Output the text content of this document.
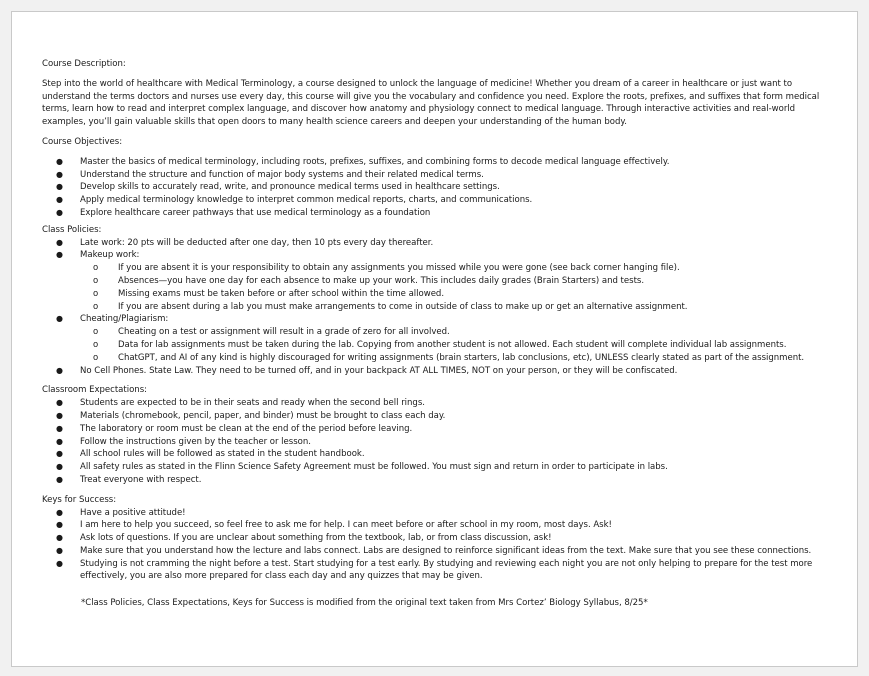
Course Description:

Step into the world of healthcare with Medical Terminology, a course designed to unlock the language of medicine! Whether you dream of a career in healthcare or just want to understand the terms doctors and nurses use every day, this course will give you the vocabulary and confidence you need. Explore the roots, prefixes, and suffixes that form medical terms, learn how to read and interpret complex language, and discover how anatomy and physiology connect to medical language. Through interactive activities and real-world examples, you’ll gain valuable skills that open doors to many health science careers and deepen your understanding of the human body.

Course Objectives:

● Master the basics of medical terminology, including roots, prefixes, suffixes, and combining forms to decode medical language effectively.
● Understand the structure and function of major body systems and their related medical terms.
● Develop skills to accurately read, write, and pronounce medical terms used in healthcare settings.
● Apply medical terminology knowledge to interpret common medical reports, charts, and communications.
● Explore healthcare career pathways that use medical terminology as a foundation

Class Policies:

● Late work: 20 pts will be deducted after one day, then 10 pts every day thereafter.
● Makeup work:
o If you are absent it is your responsibility to obtain any assignments you missed while you were gone (see back corner hanging file).
o Absences—you have one day for each absence to make up your work. This includes daily grades (Brain Starters) and tests.
o Missing exams must be taken before or after school within the time allowed.
o If you are absent during a lab you must make arrangements to come in outside of class to make up or get an alternative assignment.
● Cheating/Plagiarism:
o Cheating on a test or assignment will result in a grade of zero for all involved.
o Data for lab assignments must be taken during the lab. Copying from another student is not allowed. Each student will complete individual lab assignments.
o ChatGPT, and AI of any kind is highly discouraged for writing assignments (brain starters, lab conclusions, etc), UNLESS clearly stated as part of the assignment.
● No Cell Phones. State Law. They need to be turned off, and in your backpack AT ALL TIMES, NOT on your person, or they will be confiscated.

Classroom Expectations:

● Students are expected to be in their seats and ready when the second bell rings.
● Materials (chromebook, pencil, paper, and binder) must be brought to class each day.
● The laboratory or room must be clean at the end of the period before leaving.
● Follow the instructions given by the teacher or lesson.
● All school rules will be followed as stated in the student handbook.
● All safety rules as stated in the Flinn Science Safety Agreement must be followed. You must sign and return in order to participate in labs.
● Treat everyone with respect.

Keys for Success:

● Have a positive attitude!
● I am here to help you succeed, so feel free to ask me for help. I can meet before or after school in my room, most days. Ask!
● Ask lots of questions. If you are unclear about something from the textbook, lab, or from class discussion, ask!
● Make sure that you understand how the lecture and labs connect. Labs are designed to reinforce significant ideas from the text. Make sure that you see these connections.
● Studying is not cramming the night before a test. Start studying for a test early. By studying and reviewing each night you are not only helping to prepare for the test more effectively, you are also more prepared for class each day and any quizzes that may be given.

*Class Policies, Class Expectations, Keys for Success is modified from the original text taken from Mrs Cortez’ Biology Syllabus, 8/25*
